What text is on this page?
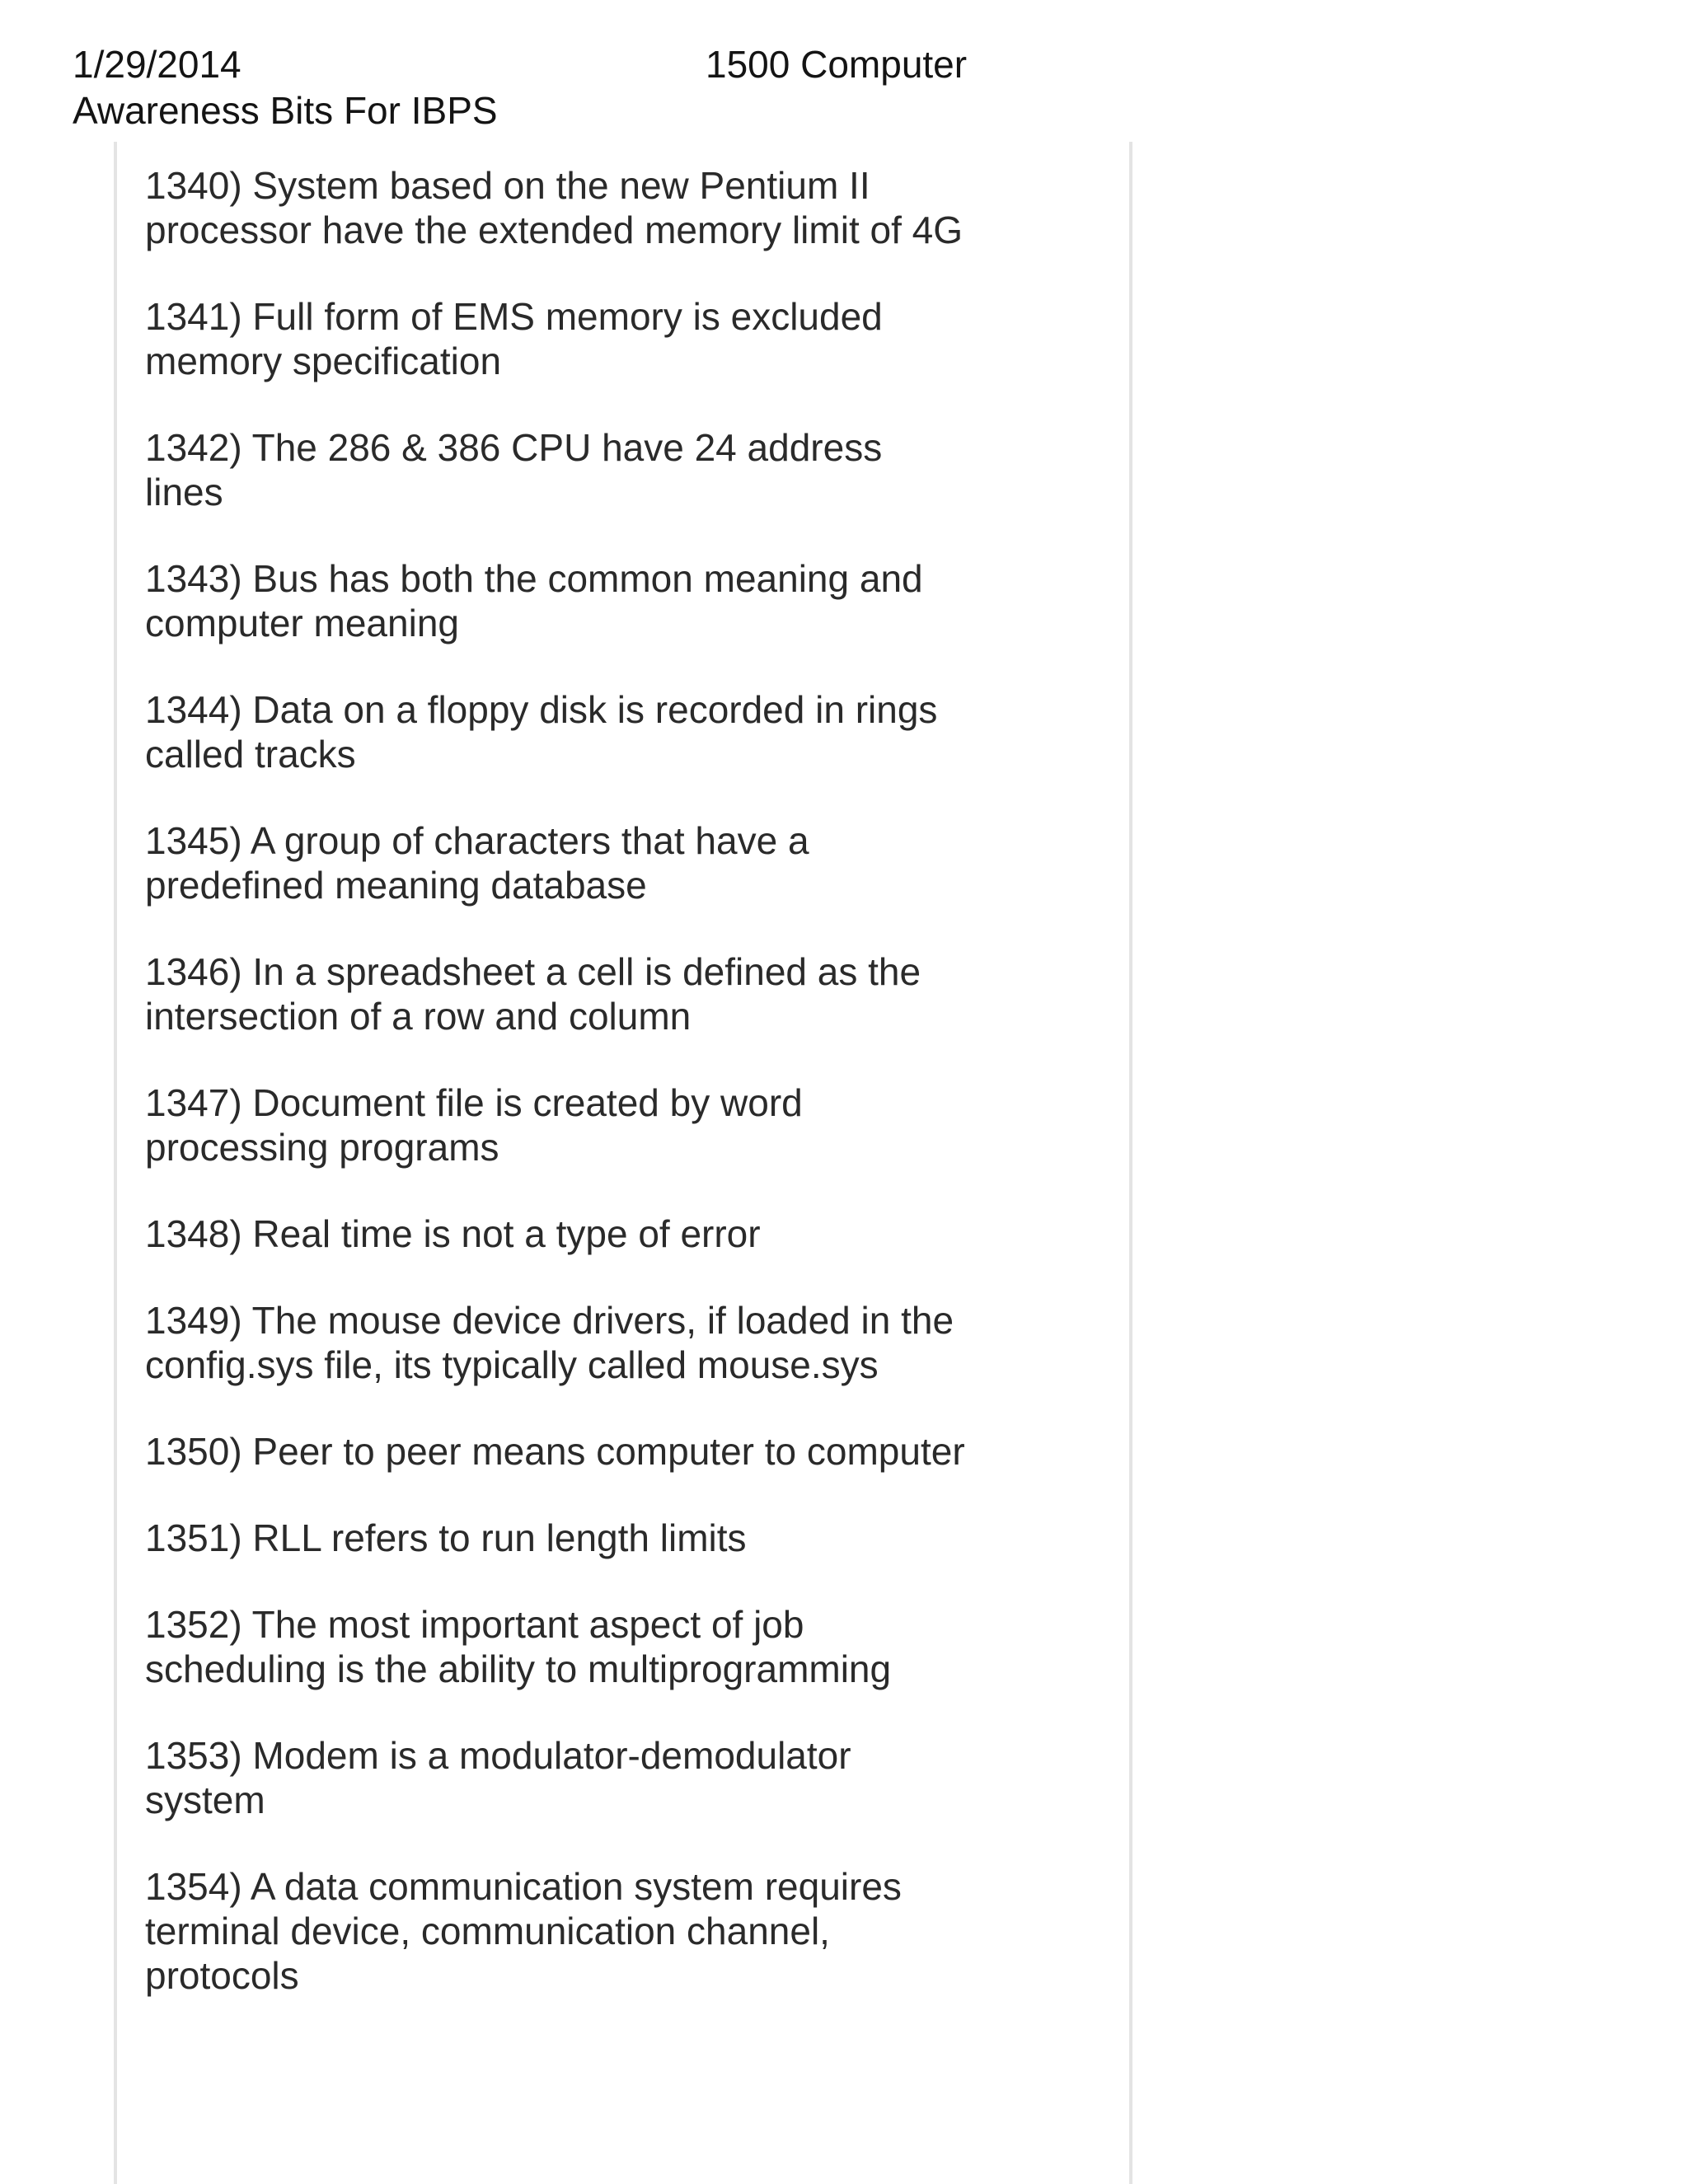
1/29/2014	1500 Computer
Awareness Bits For IBPS
1340) System based on the new Pentium II processor have the extended memory limit of 4G
1341) Full form of EMS memory is excluded memory specification
1342) The 286 & 386 CPU have 24 address lines
1343) Bus has both the common meaning and computer meaning
1344) Data on a floppy disk is recorded in rings called tracks
1345) A group of characters that have a predefined meaning database
1346) In a spreadsheet a cell is defined as the intersection of a row and column
1347) Document file is created by word processing programs
1348) Real time is not a type of error
1349) The mouse device drivers, if loaded in the config.sys file, its typically called mouse.sys
1350) Peer to peer means computer to computer
1351) RLL refers to run length limits
1352) The most important aspect of job scheduling is the ability to multiprogramming
1353) Modem is a modulator-demodulator system
1354) A data communication system requires terminal device, communication channel, protocols
